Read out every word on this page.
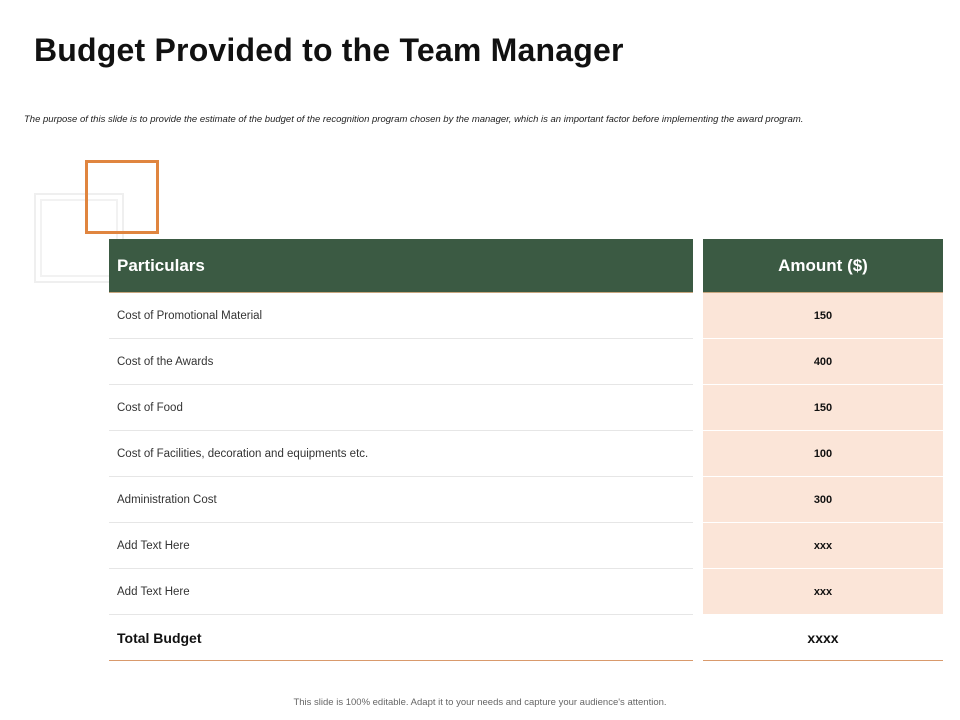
Budget Provided to the Team Manager
The purpose of this slide is to provide the estimate of the budget of the recognition program chosen by the manager, which is an important factor before implementing the award program.
Particulars
Cost of Promotional Material
Cost of the Awards
Cost of Food
Cost of Facilities, decoration and equipments etc.
Administration Cost
Add Text Here
Add Text Here
Total Budget
Amount ($)
150
400
150
100
300
xxx
xxx
xxxx
This slide is 100% editable. Adapt it to your needs and capture your audience's attention.
